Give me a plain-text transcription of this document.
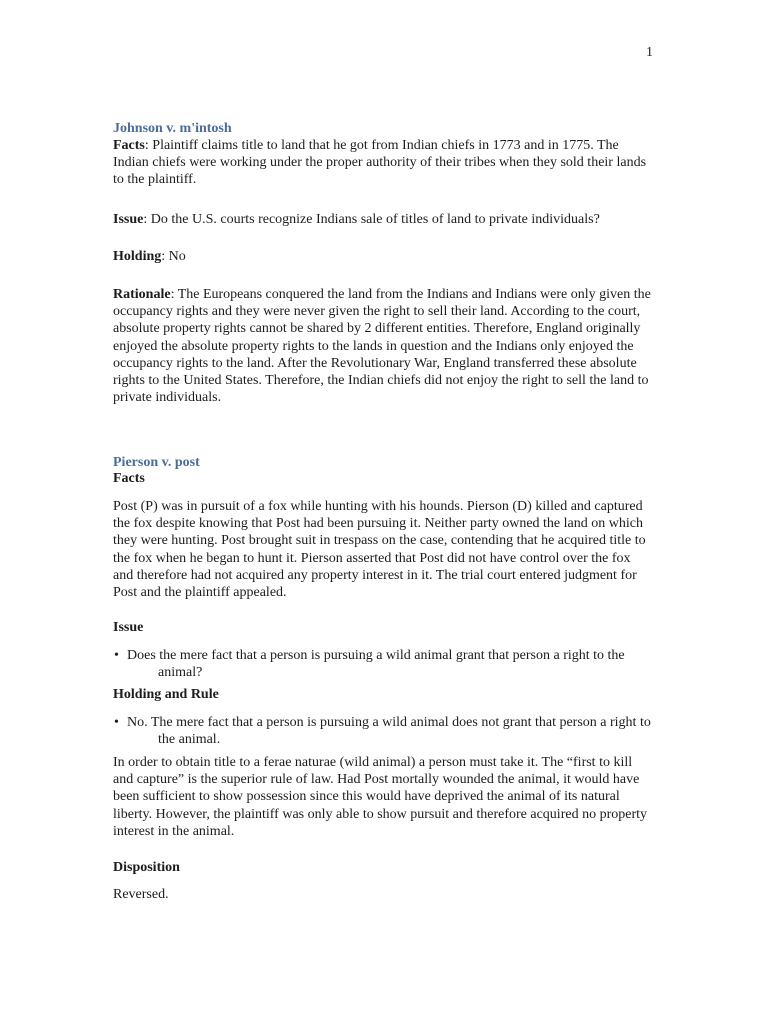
1
Johnson v. m'intosh
Facts: Plaintiff claims title to land that he got from Indian chiefs in 1773 and in 1775. The Indian chiefs were working under the proper authority of their tribes when they sold their lands to the plaintiff.
Issue: Do the U.S. courts recognize Indians sale of titles of land to private individuals?
Holding: No
Rationale: The Europeans conquered the land from the Indians and Indians were only given the occupancy rights and they were never given the right to sell their land. According to the court, absolute property rights cannot be shared by 2 different entities. Therefore, England originally enjoyed the absolute property rights to the lands in question and the Indians only enjoyed the occupancy rights to the land. After the Revolutionary War, England transferred these absolute rights to the United States. Therefore, the Indian chiefs did not enjoy the right to sell the land to private individuals.
Pierson v. post
Facts
Post (P) was in pursuit of a fox while hunting with his hounds. Pierson (D) killed and captured the fox despite knowing that Post had been pursuing it. Neither party owned the land on which they were hunting. Post brought suit in trespass on the case, contending that he acquired title to the fox when he began to hunt it. Pierson asserted that Post did not have control over the fox and therefore had not acquired any property interest in it. The trial court entered judgment for Post and the plaintiff appealed.
Issue
• Does the mere fact that a person is pursuing a wild animal grant that person a right to the animal?
Holding and Rule
• No. The mere fact that a person is pursuing a wild animal does not grant that person a right to the animal.
In order to obtain title to a ferae naturae (wild animal) a person must take it. The “first to kill and capture” is the superior rule of law. Had Post mortally wounded the animal, it would have been sufficient to show possession since this would have deprived the animal of its natural liberty. However, the plaintiff was only able to show pursuit and therefore acquired no property interest in the animal.
Disposition
Reversed.
